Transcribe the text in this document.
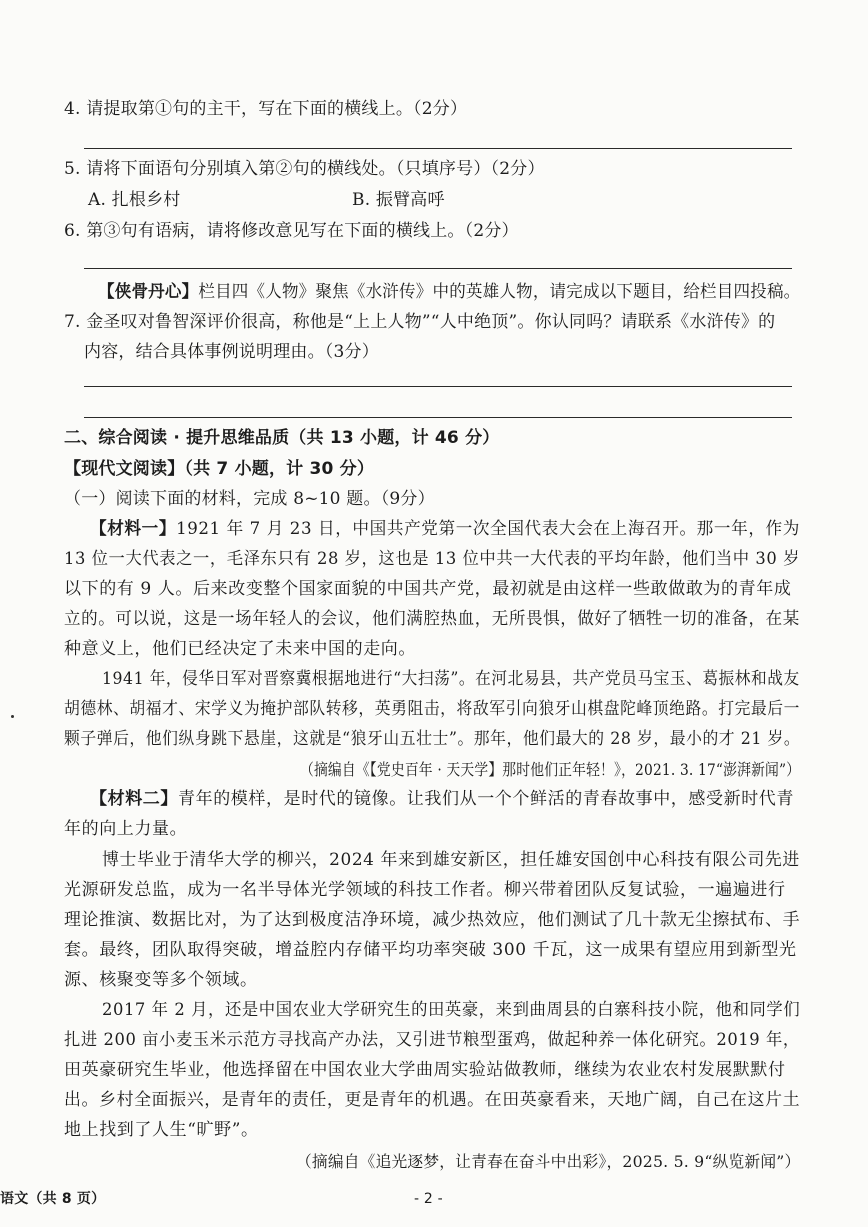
4. 请提取第①句的主干，写在下面的横线上。（2分）
5. 请将下面语句分别填入第②句的横线处。（只填序号）（2分）
A. 扎根乡村	B. 振臂高呼
6. 第③句有语病，请将修改意见写在下面的横线上。（2分）
【侠骨丹心】栏目四《人物》聚焦《水浒传》中的英雄人物，请完成以下题目，给栏目四投稿。
7. 金圣叹对鲁智深评价很高，称他是“上上人物”“人中绝顶”。你认同吗？请联系《水浒传》的
内容，结合具体事例说明理由。（3分）
二、综合阅读 · 提升思维品质（共 13 小题，计 46 分）
【现代文阅读】（共 7 小题，计 30 分）
（一）阅读下面的材料，完成 8~10 题。（9分）
【材料一】1921 年 7 月 23 日，中国共产党第一次全国代表大会在上海召开。那一年，作为
13 位一大代表之一，毛泽东只有 28 岁，这也是 13 位中共一大代表的平均年龄，他们当中 30 岁
以下的有 9 人。后来改变整个国家面貌的中国共产党，最初就是由这样一些敢做敢为的青年成
立的。可以说，这是一场年轻人的会议，他们满腔热血，无所畏惧，做好了牺牲一切的准备，在某
种意义上，他们已经决定了未来中国的走向。
1941 年，侵华日军对晋察冀根据地进行“大扫荡”。在河北易县，共产党员马宝玉、葛振林和战友
胡德林、胡福才、宋学义为掩护部队转移，英勇阻击，将敌军引向狼牙山棋盘陀峰顶绝路。打完最后一
颗子弹后，他们纵身跳下悬崖，这就是“狼牙山五壮士”。那年，他们最大的 28 岁，最小的才 21 岁。
（摘编自《【党史百年 · 天天学】那时他们正年轻！》，2021. 3. 17“澎湃新闻”）
【材料二】青年的模样，是时代的镜像。让我们从一个个鲜活的青春故事中，感受新时代青
年的向上力量。
博士毕业于清华大学的柳兴，2024 年来到雄安新区，担任雄安国创中心科技有限公司先进
光源研发总监，成为一名半导体光学领域的科技工作者。柳兴带着团队反复试验，一遍遍进行
理论推演、数据比对，为了达到极度洁净环境，减少热效应，他们测试了几十款无尘擦拭布、手
套。最终，团队取得突破，增益腔内存储平均功率突破 300 千瓦，这一成果有望应用到新型光
源、核聚变等多个领域。
2017 年 2 月，还是中国农业大学研究生的田英豪，来到曲周县的白寨科技小院，他和同学们
扎进 200 亩小麦玉米示范方寻找高产办法，又引进节粮型蛋鸡，做起种养一体化研究。2019 年，
田英豪研究生毕业，他选择留在中国农业大学曲周实验站做教师，继续为农业农村发展默默付
出。乡村全面振兴，是青年的责任，更是青年的机遇。在田英豪看来，天地广阔，自己在这片土
地上找到了人生“旷野”。
（摘编自《追光逐梦，让青春在奋斗中出彩》，2025. 5. 9“纵览新闻”）
语文（共 8 页）	- 2 -
